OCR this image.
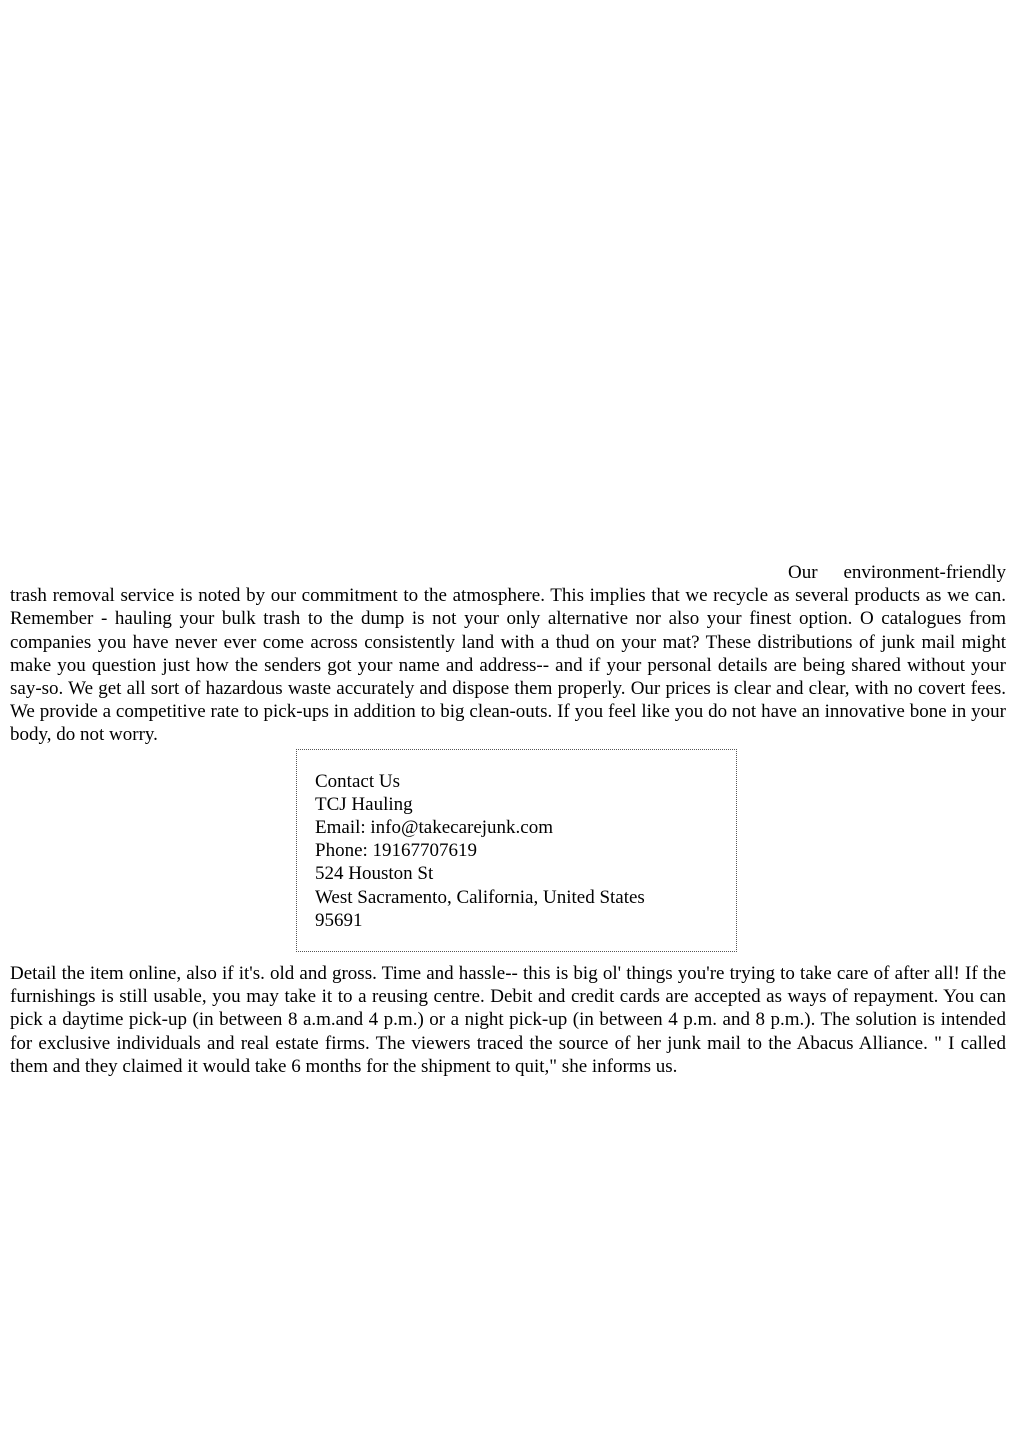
Our environment-friendly trash removal service is noted by our commitment to the atmosphere. This implies that we recycle as several products as we can. Remember - hauling your bulk trash to the dump is not your only alternative nor also your finest option. O catalogues from companies you have never ever come across consistently land with a thud on your mat? These distributions of junk mail might make you question just how the senders got your name and address-- and if your personal details are being shared without your say-so. We get all sort of hazardous waste accurately and dispose them properly. Our prices is clear and clear, with no covert fees. We provide a competitive rate to pick-ups in addition to big clean-outs. If you feel like you do not have an innovative bone in your body, do not worry.

Contact Us
TCJ Hauling
Email: info@takecarejunk.com
Phone: 19167707619
524 Houston St
West Sacramento, California, United States
95691

Detail the item online, also if it's. old and gross. Time and hassle-- this is big ol' things you're trying to take care of after all! If the furnishings is still usable, you may take it to a reusing centre. Debit and credit cards are accepted as ways of repayment. You can pick a daytime pick-up (in between 8 a.m.and 4 p.m.) or a night pick-up (in between 4 p.m. and 8 p.m.). The solution is intended for exclusive individuals and real estate firms. The viewers traced the source of her junk mail to the Abacus Alliance. " I called them and they claimed it would take 6 months for the shipment to quit," she informs us.
